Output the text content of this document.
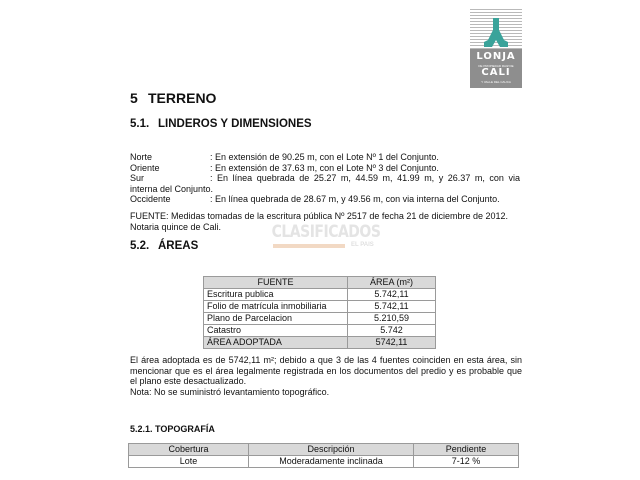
LONJA
DE PROPIEDAD RAIZ DE
CALI
Y VALLE DEL CAUCA
5 TERRENO
5.1. LINDEROS Y DIMENSIONES
Norte	: En extensión de 90.25 m, con el Lote Nº 1 del Conjunto.
Oriente	: En extensión de 37.63 m, con el Lote Nº 3 del Conjunto.
Sur	: En línea quebrada de 25.27 m, 44.59 m, 41.99 m, y 26.37 m, con via
interna del Conjunto.
Occidente	: En línea quebrada de 28.67 m, y 49.56 m, con via interna del Conjunto.
FUENTE: Medidas tomadas de la escritura pública Nº 2517 de fecha 21 de diciembre de 2012. Notaria quince de Cali.	CLASIFICADOS
EL PAIS
5.2. ÁREAS
FUENTE	ÁREA (m²)
Escritura publica	5.742,11
Folio de matrícula inmobiliaria	5.742,11
Plano de Parcelacion	5.210,59
Catastro	5.742
ÁREA ADOPTADA	5742,11
El área adoptada es de 5742,11 m²; debido a que 3 de las 4 fuentes coinciden en esta área, sin mencionar que es el área legalmente registrada en los documentos del predio y es probable que el plano este desactualizado.
Nota: No se suministró levantamiento topográfico.
5.2.1. TOPOGRAFÍA
Cobertura	Descripción	Pendiente
Lote	Moderadamente inclinada	7-12 %
